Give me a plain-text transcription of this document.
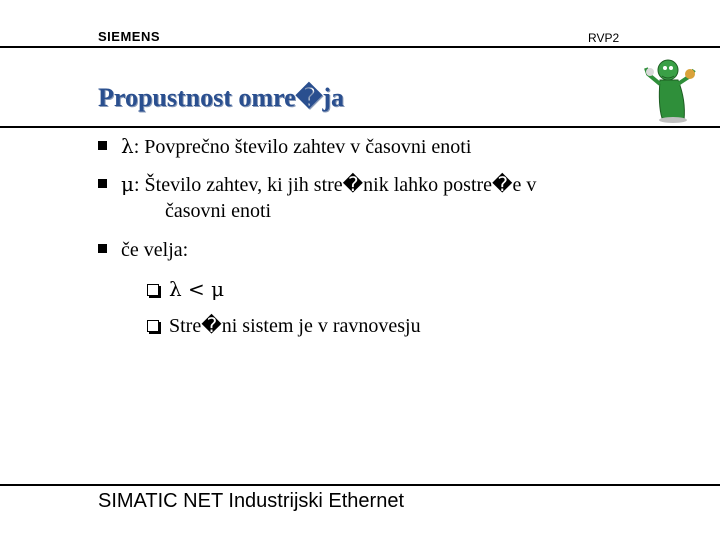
SIEMENS	RVP2
Propustnost omre�ja
λ: Povprečno število zahtev v časovni enoti
μ: Število zahtev, ki jih stre�nik lahko postre�e v
časovni enoti
če velja:
λ < μ
Stre�ni sistem je v ravnovesju
SIMATIC NET Industrijski Ethernet
